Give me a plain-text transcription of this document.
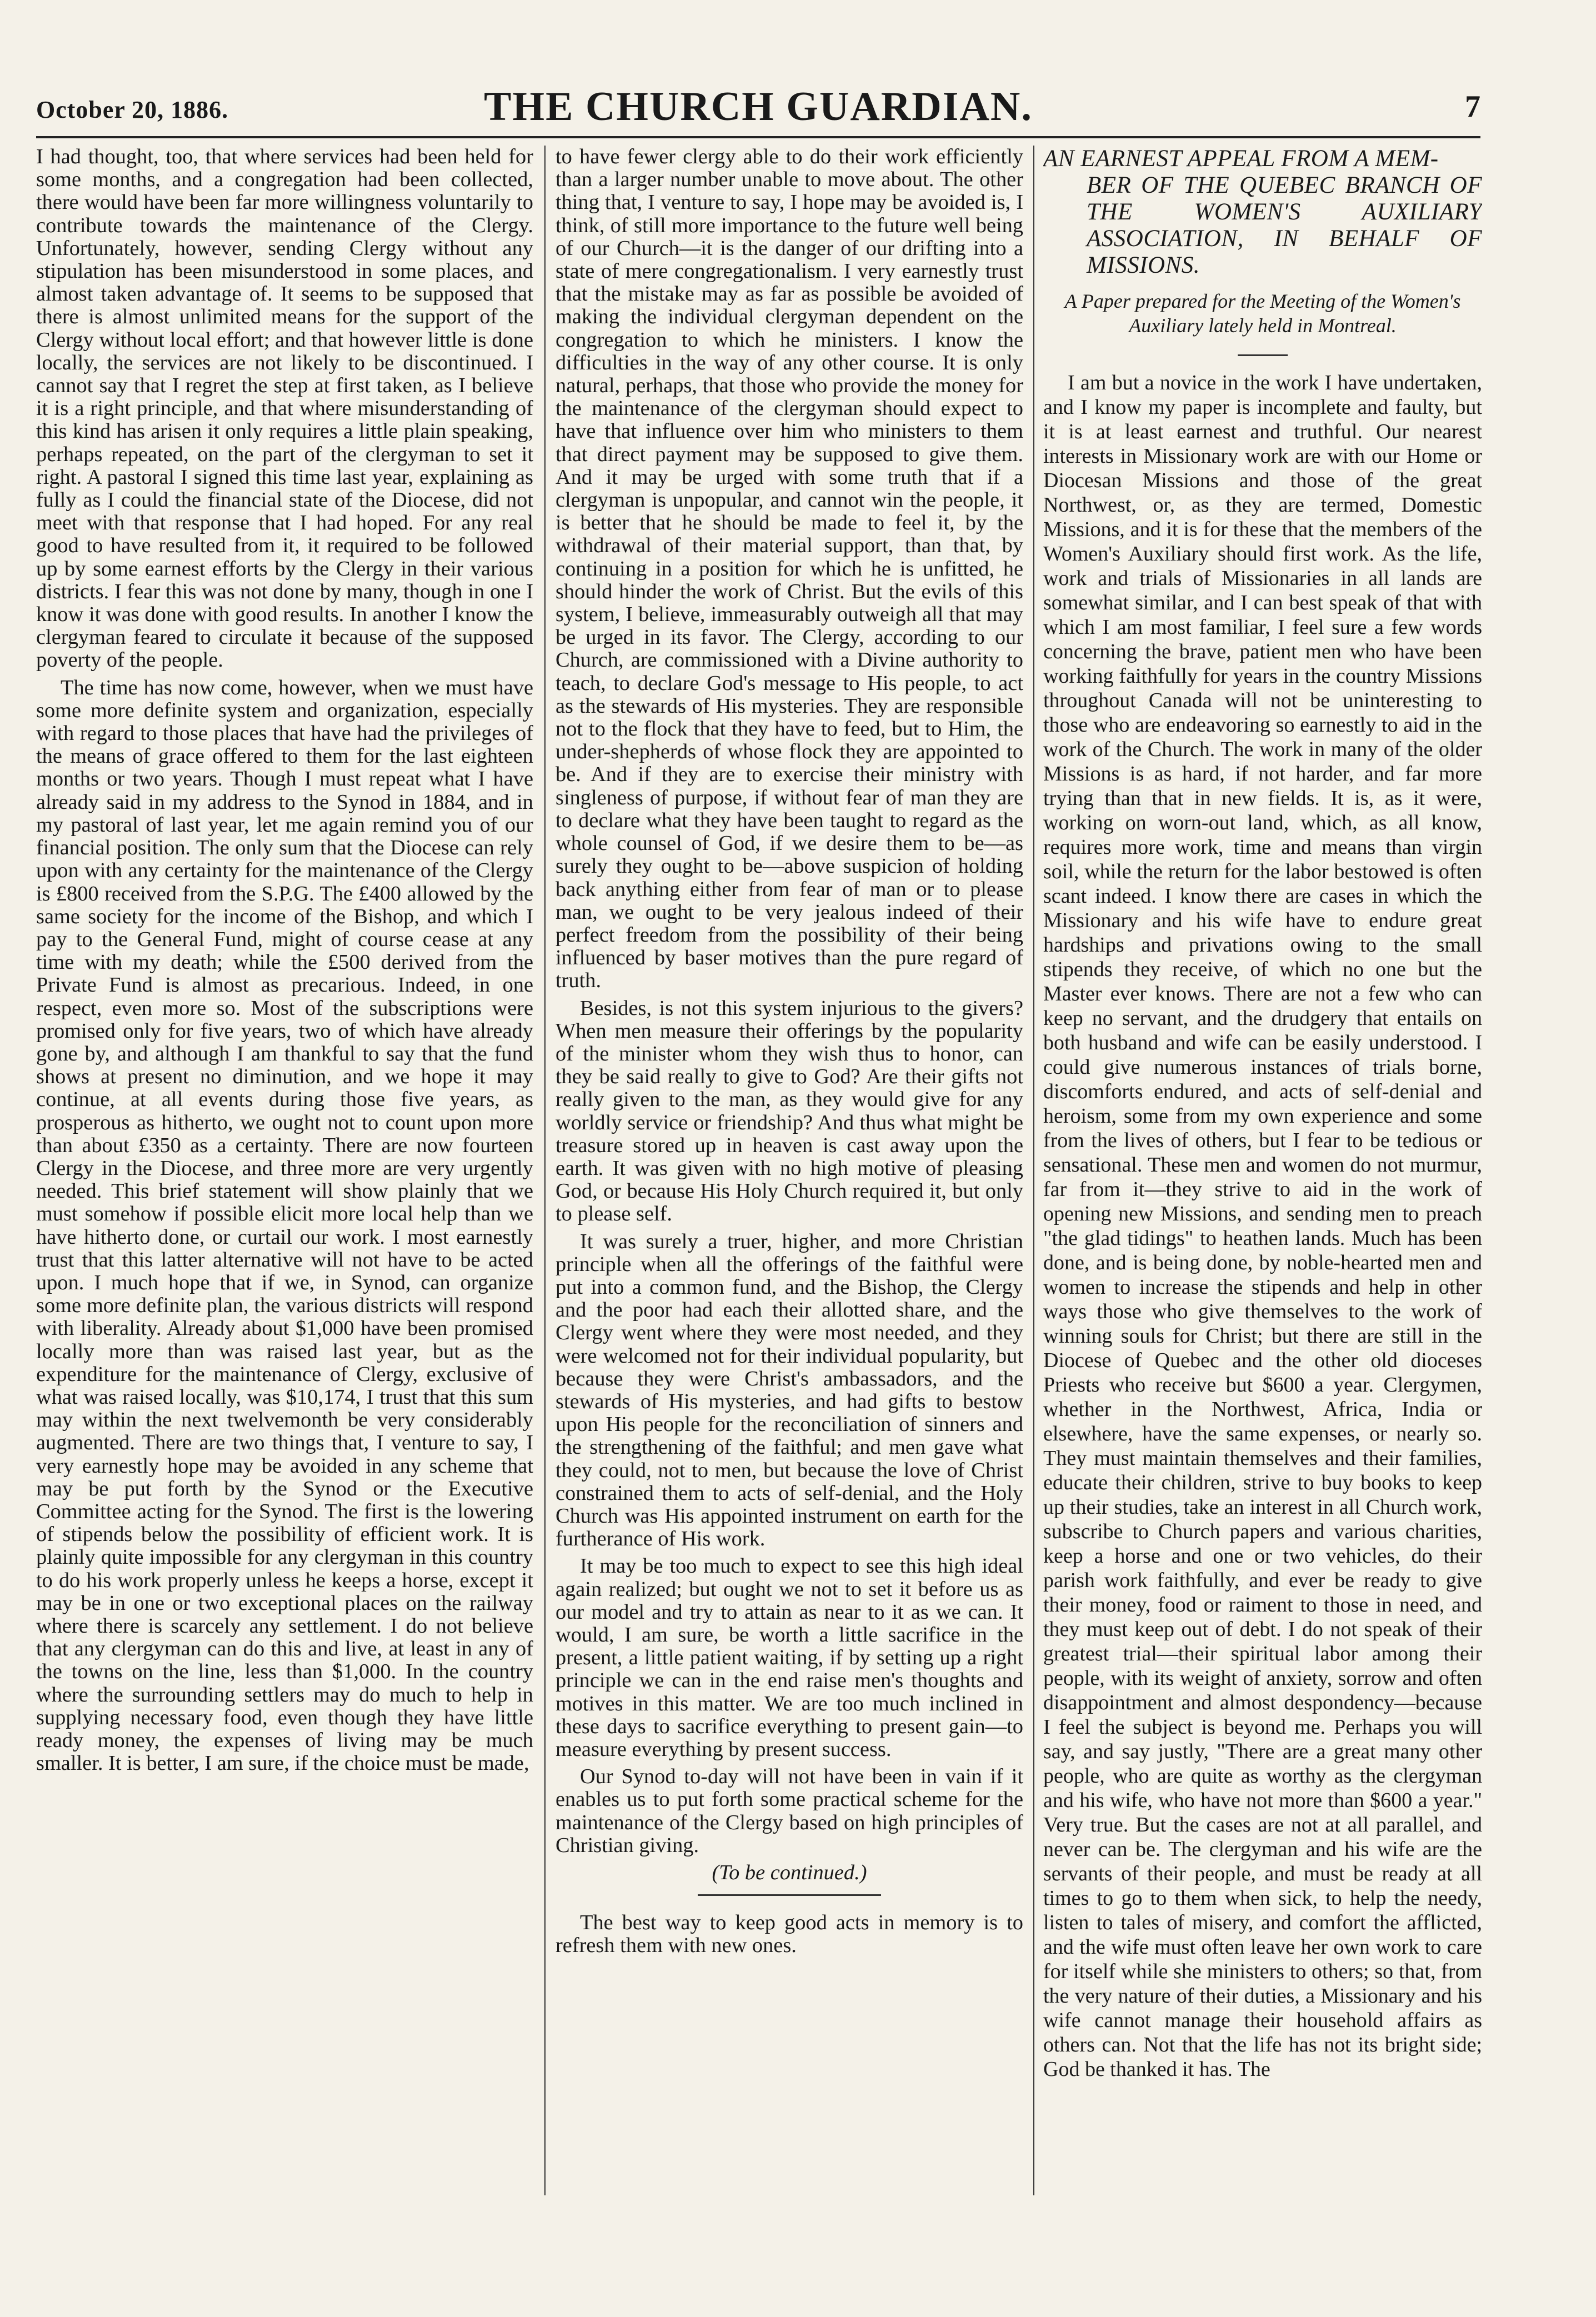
October 20, 1886.	THE CHURCH GUARDIAN.	7

I had thought, too, that where services had been held for some months, and a congregation had been collected, there would have been far more willingness voluntarily to contribute towards the maintenance of the Clergy. Unfortunately, however, sending Clergy without any stipulation has been misunderstood in some places, and almost taken advantage of. It seems to be supposed that there is almost unlimited means for the support of the Clergy without local effort; and that however little is done locally, the services are not likely to be discontinued. I cannot say that I regret the step at first taken, as I believe it is a right principle, and that where misunderstanding of this kind has arisen it only requires a little plain speaking, perhaps repeated, on the part of the clergyman to set it right. A pastoral I signed this time last year, explaining as fully as I could the financial state of the Diocese, did not meet with that response that I had hoped. For any real good to have resulted from it, it required to be followed up by some earnest efforts by the Clergy in their various districts. I fear this was not done by many, though in one I know it was done with good results. In another I know the clergyman feared to circulate it because of the supposed poverty of the people.

The time has now come, however, when we must have some more definite system and organization, especially with regard to those places that have had the privileges of the means of grace offered to them for the last eighteen months or two years. Though I must repeat what I have already said in my address to the Synod in 1884, and in my pastoral of last year, let me again remind you of our financial position. The only sum that the Diocese can rely upon with any certainty for the maintenance of the Clergy is £800 received from the S.P.G. The £400 allowed by the same society for the income of the Bishop, and which I pay to the General Fund, might of course cease at any time with my death; while the £500 derived from the Private Fund is almost as precarious. Indeed, in one respect, even more so. Most of the subscriptions were promised only for five years, two of which have already gone by, and although I am thankful to say that the fund shows at present no diminution, and we hope it may continue, at all events during those five years, as prosperous as hitherto, we ought not to count upon more than about £350 as a certainty. There are now fourteen Clergy in the Diocese, and three more are very urgently needed. This brief statement will show plainly that we must somehow if possible elicit more local help than we have hitherto done, or curtail our work. I most earnestly trust that this latter alternative will not have to be acted upon. I much hope that if we, in Synod, can organize some more definite plan, the various districts will respond with liberality. Already about $1,000 have been promised locally more than was raised last year, but as the expenditure for the maintenance of Clergy, exclusive of what was raised locally, was $10,174, I trust that this sum may within the next twelvemonth be very considerably augmented. There are two things that, I venture to say, I very earnestly hope may be avoided in any scheme that may be put forth by the Synod or the Executive Committee acting for the Synod. The first is the lowering of stipends below the possibility of efficient work. It is plainly quite impossible for any clergyman in this country to do his work properly unless he keeps a horse, except it may be in one or two exceptional places on the railway where there is scarcely any settlement. I do not believe that any clergyman can do this and live, at least in any of the towns on the line, less than $1,000. In the country where the surrounding settlers may do much to help in supplying necessary food, even though they have little ready money, the expenses of living may be much smaller. It is better, I am sure, if the choice must be made,

to have fewer clergy able to do their work efficiently than a larger number unable to move about. The other thing that, I venture to say, I hope may be avoided is, I think, of still more importance to the future well being of our Church—it is the danger of our drifting into a state of mere congregationalism. I very earnestly trust that the mistake may as far as possible be avoided of making the individual clergyman dependent on the congregation to which he ministers. I know the difficulties in the way of any other course. It is only natural, perhaps, that those who provide the money for the maintenance of the clergyman should expect to have that influence over him who ministers to them that direct payment may be supposed to give them. And it may be urged with some truth that if a clergyman is unpopular, and cannot win the people, it is better that he should be made to feel it, by the withdrawal of their material support, than that, by continuing in a position for which he is unfitted, he should hinder the work of Christ. But the evils of this system, I believe, immeasurably outweigh all that may be urged in its favor. The Clergy, according to our Church, are commissioned with a Divine authority to teach, to declare God's message to His people, to act as the stewards of His mysteries. They are responsible not to the flock that they have to feed, but to Him, the under-shepherds of whose flock they are appointed to be. And if they are to exercise their ministry with singleness of purpose, if without fear of man they are to declare what they have been taught to regard as the whole counsel of God, if we desire them to be—as surely they ought to be—above suspicion of holding back anything either from fear of man or to please man, we ought to be very jealous indeed of their perfect freedom from the possibility of their being influenced by baser motives than the pure regard of truth.

Besides, is not this system injurious to the givers? When men measure their offerings by the popularity of the minister whom they wish thus to honor, can they be said really to give to God? Are their gifts not really given to the man, as they would give for any worldly service or friendship? And thus what might be treasure stored up in heaven is cast away upon the earth. It was given with no high motive of pleasing God, or because His Holy Church required it, but only to please self.

It was surely a truer, higher, and more Christian principle when all the offerings of the faithful were put into a common fund, and the Bishop, the Clergy and the poor had each their allotted share, and the Clergy went where they were most needed, and they were welcomed not for their individual popularity, but because they were Christ's ambassadors, and the stewards of His mysteries, and had gifts to bestow upon His people for the reconciliation of sinners and the strengthening of the faithful; and men gave what they could, not to men, but because the love of Christ constrained them to acts of self-denial, and the Holy Church was His appointed instrument on earth for the furtherance of His work.

It may be too much to expect to see this high ideal again realized; but ought we not to set it before us as our model and try to attain as near to it as we can. It would, I am sure, be worth a little sacrifice in the present, a little patient waiting, if by setting up a right principle we can in the end raise men's thoughts and motives in this matter. We are too much inclined in these days to sacrifice everything to present gain—to measure everything by present success.

Our Synod to-day will not have been in vain if it enables us to put forth some practical scheme for the maintenance of the Clergy based on high principles of Christian giving.

(To be continued.)

The best way to keep good acts in memory is to refresh them with new ones.

AN EARNEST APPEAL FROM A MEM-
BER OF THE QUEBEC BRANCH OF THE WOMEN'S AUXILIARY ASSOCIATION, IN BEHALF OF MISSIONS.
A Paper prepared for the Meeting of the Women's Auxiliary lately held in Montreal.

I am but a novice in the work I have undertaken, and I know my paper is incomplete and faulty, but it is at least earnest and truthful. Our nearest interests in Missionary work are with our Home or Diocesan Missions and those of the great Northwest, or, as they are termed, Domestic Missions, and it is for these that the members of the Women's Auxiliary should first work. As the life, work and trials of Missionaries in all lands are somewhat similar, and I can best speak of that with which I am most familiar, I feel sure a few words concerning the brave, patient men who have been working faithfully for years in the country Missions throughout Canada will not be uninteresting to those who are endeavoring so earnestly to aid in the work of the Church. The work in many of the older Missions is as hard, if not harder, and far more trying than that in new fields. It is, as it were, working on worn-out land, which, as all know, requires more work, time and means than virgin soil, while the return for the labor bestowed is often scant indeed. I know there are cases in which the Missionary and his wife have to endure great hardships and privations owing to the small stipends they receive, of which no one but the Master ever knows. There are not a few who can keep no servant, and the drudgery that entails on both husband and wife can be easily understood. I could give numerous instances of trials borne, discomforts endured, and acts of self-denial and heroism, some from my own experience and some from the lives of others, but I fear to be tedious or sensational. These men and women do not murmur, far from it—they strive to aid in the work of opening new Missions, and sending men to preach "the glad tidings" to heathen lands. Much has been done, and is being done, by noble-hearted men and women to increase the stipends and help in other ways those who give themselves to the work of winning souls for Christ; but there are still in the Diocese of Quebec and the other old dioceses Priests who receive but $600 a year. Clergymen, whether in the Northwest, Africa, India or elsewhere, have the same expenses, or nearly so. They must maintain themselves and their families, educate their children, strive to buy books to keep up their studies, take an interest in all Church work, subscribe to Church papers and various charities, keep a horse and one or two vehicles, do their parish work faithfully, and ever be ready to give their money, food or raiment to those in need, and they must keep out of debt. I do not speak of their greatest trial—their spiritual labor among their people, with its weight of anxiety, sorrow and often disappointment and almost despondency—because I feel the subject is beyond me. Perhaps you will say, and say justly, "There are a great many other people, who are quite as worthy as the clergyman and his wife, who have not more than $600 a year." Very true. But the cases are not at all parallel, and never can be. The clergyman and his wife are the servants of their people, and must be ready at all times to go to them when sick, to help the needy, listen to tales of misery, and comfort the afflicted, and the wife must often leave her own work to care for itself while she ministers to others; so that, from the very nature of their duties, a Missionary and his wife cannot manage their household affairs as others can. Not that the life has not its bright side; God be thanked it has. The
